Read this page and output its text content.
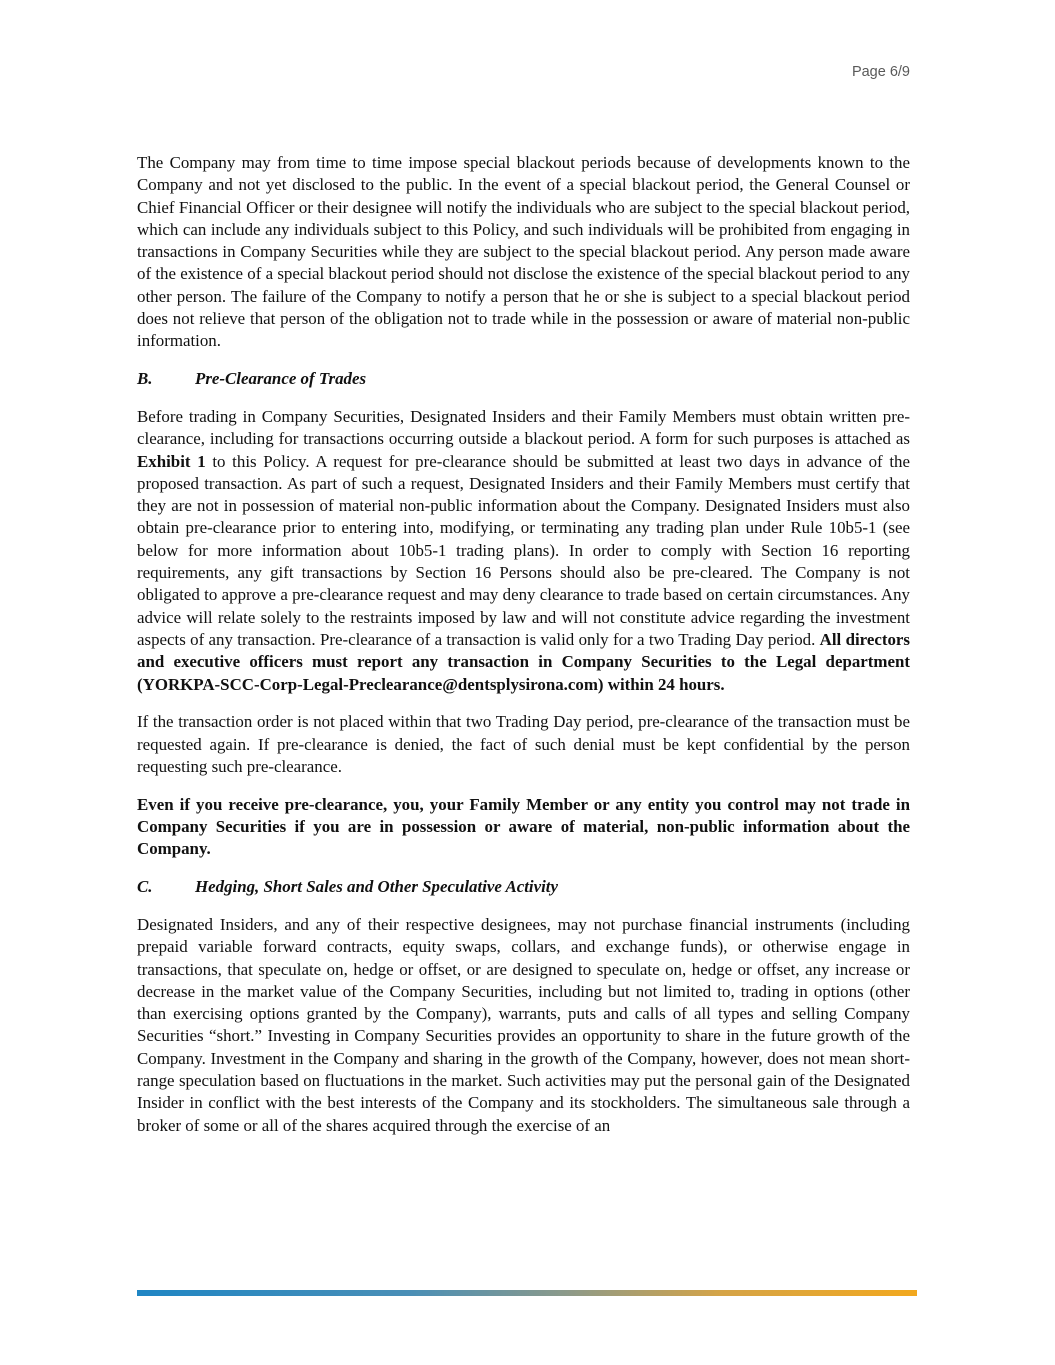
Page 6/9

The Company may from time to time impose special blackout periods because of developments known to the Company and not yet disclosed to the public. In the event of a special blackout period, the General Counsel or Chief Financial Officer or their designee will notify the individuals who are subject to the special blackout period, which can include any individuals subject to this Policy, and such individuals will be prohibited from engaging in transactions in Company Securities while they are subject to the special blackout period. Any person made aware of the existence of a special blackout period should not disclose the existence of the special blackout period to any other person. The failure of the Company to notify a person that he or she is subject to a special blackout period does not relieve that person of the obligation not to trade while in the possession or aware of material non-public information.

B.	Pre-Clearance of Trades

Before trading in Company Securities, Designated Insiders and their Family Members must obtain written pre-clearance, including for transactions occurring outside a blackout period. A form for such purposes is attached as Exhibit 1 to this Policy. A request for pre-clearance should be submitted at least two days in advance of the proposed transaction. As part of such a request, Designated Insiders and their Family Members must certify that they are not in possession of material non-public information about the Company. Designated Insiders must also obtain pre-clearance prior to entering into, modifying, or terminating any trading plan under Rule 10b5-1 (see below for more information about 10b5-1 trading plans). In order to comply with Section 16 reporting requirements, any gift transactions by Section 16 Persons should also be pre-cleared. The Company is not obligated to approve a pre-clearance request and may deny clearance to trade based on certain circumstances. Any advice will relate solely to the restraints imposed by law and will not constitute advice regarding the investment aspects of any transaction. Pre-clearance of a transaction is valid only for a two Trading Day period. All directors and executive officers must report any transaction in Company Securities to the Legal department (YORKPA-SCC-Corp-Legal-Preclearance@dentsplysirona.com) within 24 hours.

If the transaction order is not placed within that two Trading Day period, pre-clearance of the transaction must be requested again. If pre-clearance is denied, the fact of such denial must be kept confidential by the person requesting such pre-clearance.

Even if you receive pre-clearance, you, your Family Member or any entity you control may not trade in Company Securities if you are in possession or aware of material, non-public information about the Company.

C.	Hedging, Short Sales and Other Speculative Activity

Designated Insiders, and any of their respective designees, may not purchase financial instruments (including prepaid variable forward contracts, equity swaps, collars, and exchange funds), or otherwise engage in transactions, that speculate on, hedge or offset, or are designed to speculate on, hedge or offset, any increase or decrease in the market value of the Company Securities, including but not limited to, trading in options (other than exercising options granted by the Company), warrants, puts and calls of all types and selling Company Securities “short.” Investing in Company Securities provides an opportunity to share in the future growth of the Company. Investment in the Company and sharing in the growth of the Company, however, does not mean short-range speculation based on fluctuations in the market. Such activities may put the personal gain of the Designated Insider in conflict with the best interests of the Company and its stockholders. The simultaneous sale through a broker of some or all of the shares acquired through the exercise of an
